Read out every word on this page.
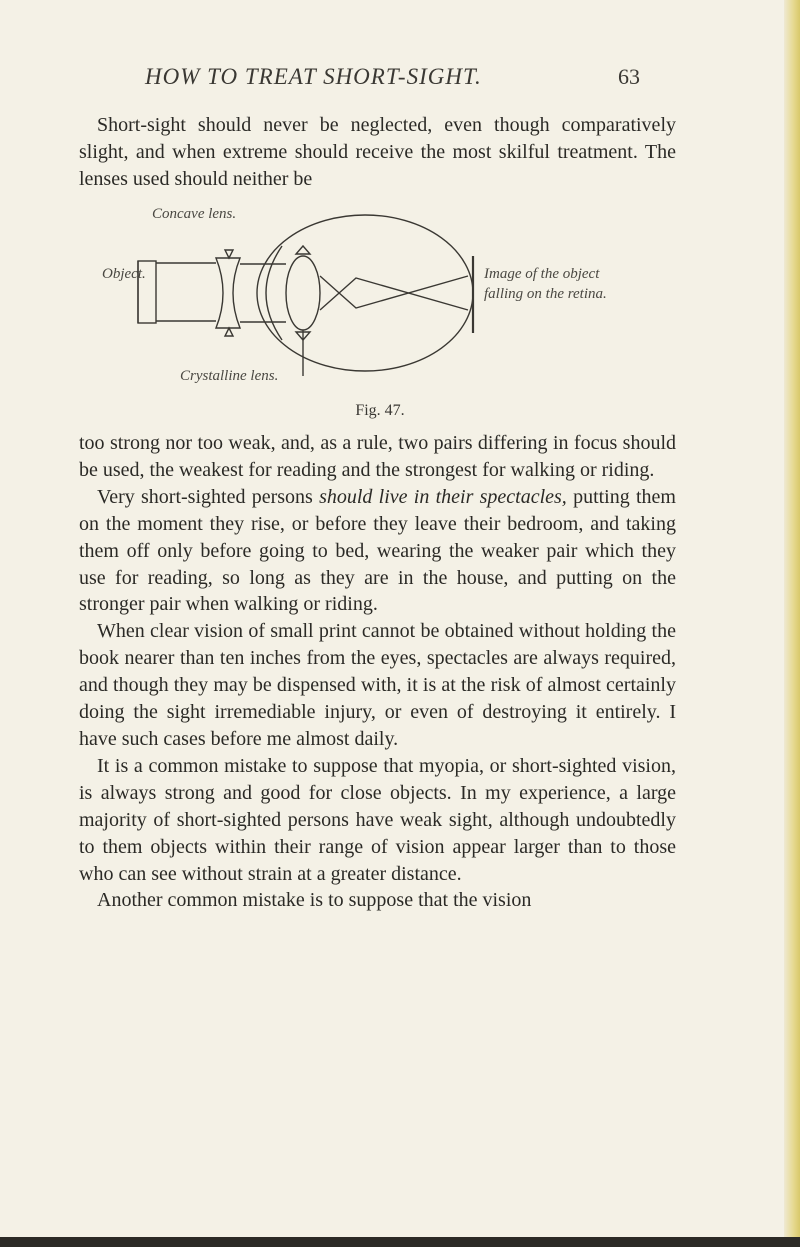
HOW TO TREAT SHORT-SIGHT.	63

Short-sight should never be neglected, even though comparatively slight, and when extreme should receive the most skilful treatment. The lenses used should neither be

Concave lens.
Object.	Image of the object
falling on the retina.
Crystalline lens.
Fig. 47.

too strong nor too weak, and, as a rule, two pairs differing in focus should be used, the weakest for reading and the strongest for walking or riding.

Very short-sighted persons should live in their spectacles, putting them on the moment they rise, or before they leave their bedroom, and taking them off only before going to bed, wearing the weaker pair which they use for reading, so long as they are in the house, and putting on the stronger pair when walking or riding.

When clear vision of small print cannot be obtained without holding the book nearer than ten inches from the eyes, spectacles are always required, and though they may be dispensed with, it is at the risk of almost certainly doing the sight irremediable injury, or even of destroying it entirely. I have such cases before me almost daily.

It is a common mistake to suppose that myopia, or short-sighted vision, is always strong and good for close objects. In my experience, a large majority of short-sighted persons have weak sight, although undoubtedly to them objects within their range of vision appear larger than to those who can see without strain at a greater distance.

Another common mistake is to suppose that the vision
